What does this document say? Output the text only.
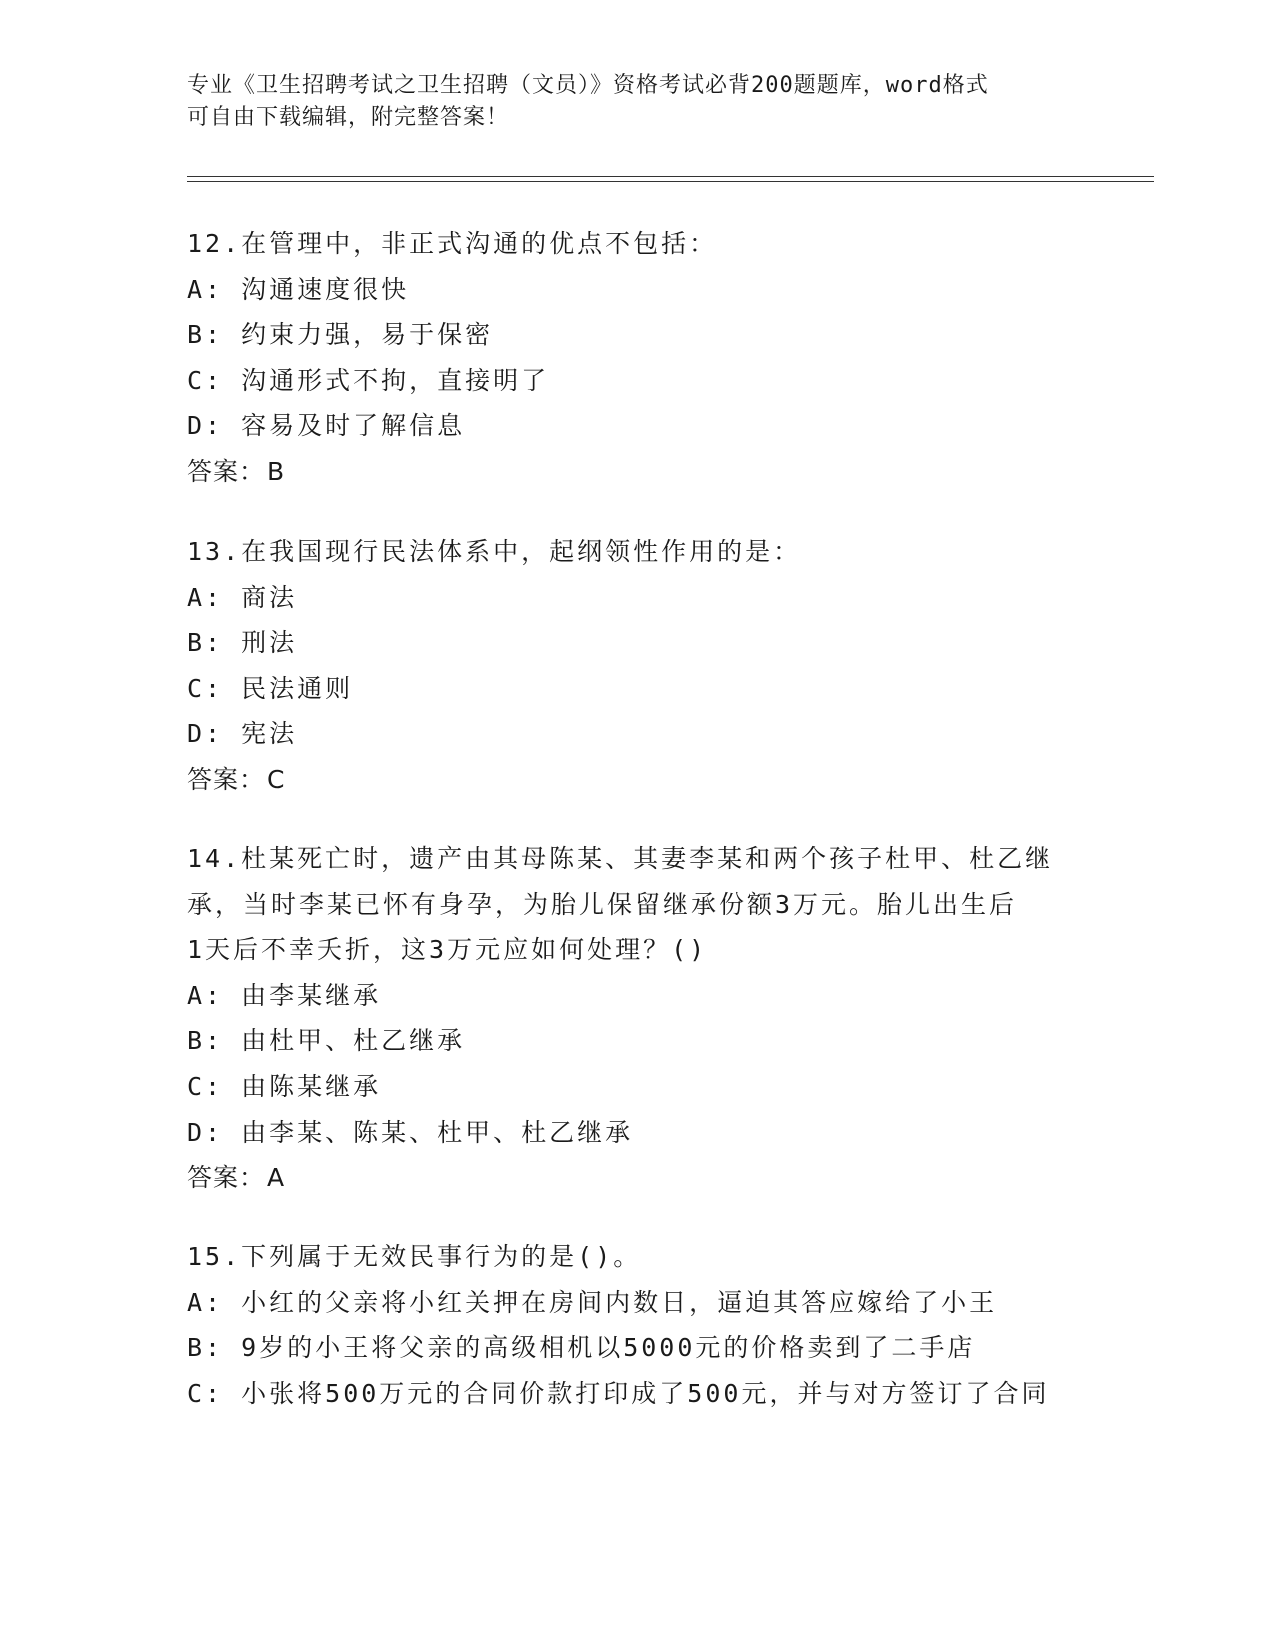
专业《卫生招聘考试之卫生招聘（文员）》资格考试必背200题题库，word格式
可自由下载编辑，附完整答案！
12.在管理中，非正式沟通的优点不包括：
A: 沟通速度很快
B: 约束力强，易于保密
C: 沟通形式不拘，直接明了
D: 容易及时了解信息
答案：B
13.在我国现行民法体系中，起纲领性作用的是：
A: 商法
B: 刑法
C: 民法通则
D: 宪法
答案：C
14.杜某死亡时，遗产由其母陈某、其妻李某和两个孩子杜甲、杜乙继
承，当时李某已怀有身孕，为胎儿保留继承份额3万元。胎儿出生后
1天后不幸夭折，这3万元应如何处理？()
A: 由李某继承
B: 由杜甲、杜乙继承
C: 由陈某继承
D: 由李某、陈某、杜甲、杜乙继承
答案：A
15.下列属于无效民事行为的是()。
A: 小红的父亲将小红关押在房间内数日，逼迫其答应嫁给了小王
B: 9岁的小王将父亲的高级相机以5000元的价格卖到了二手店
C: 小张将500万元的合同价款打印成了500元，并与对方签订了合同
